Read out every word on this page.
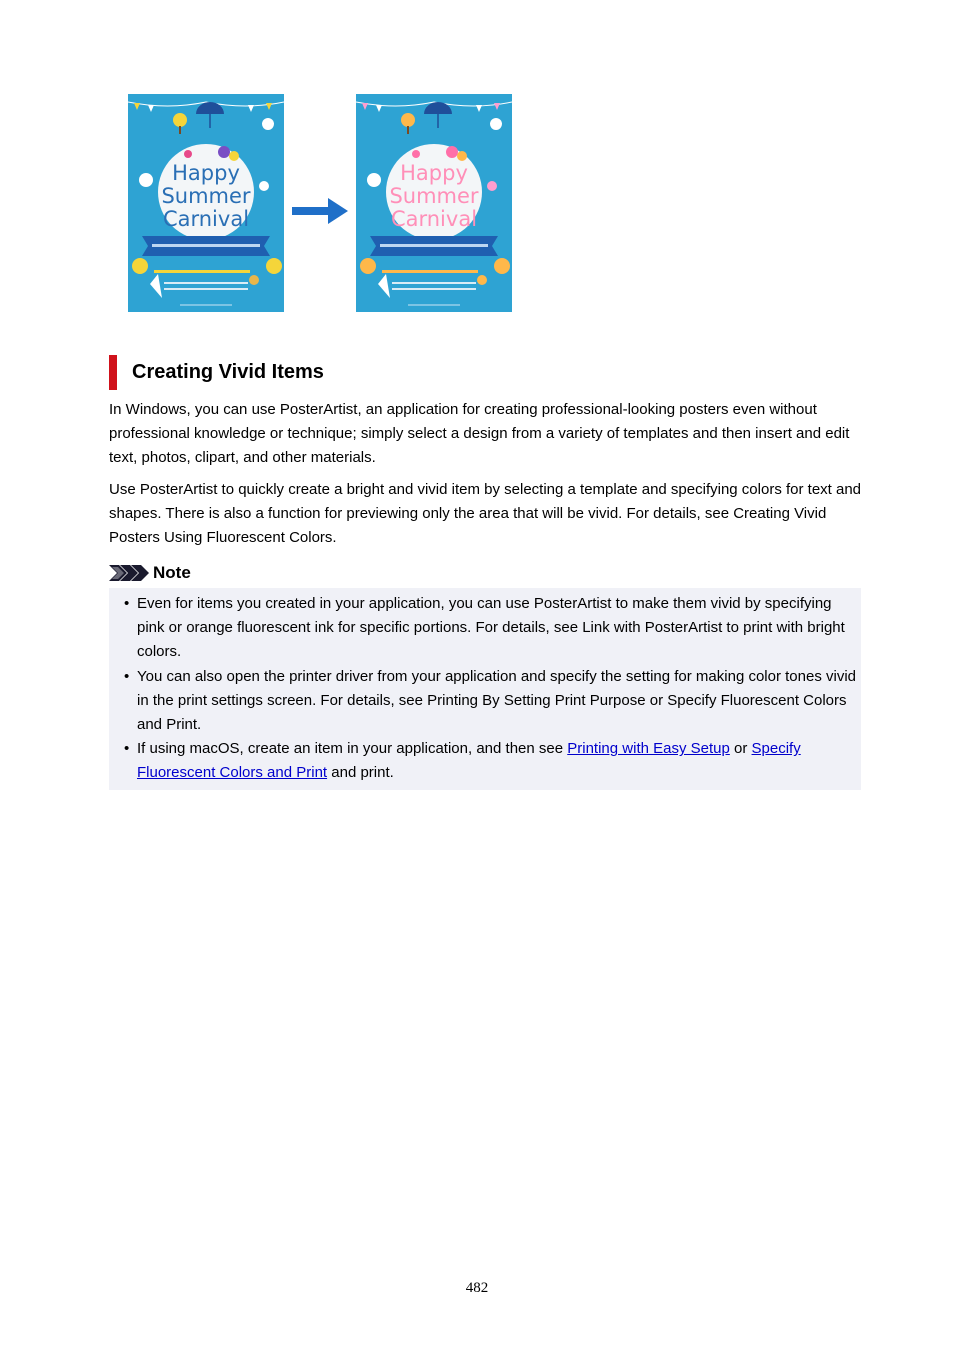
Happy
Summer
Carnival
Happy
Summer
Carnival
Creating Vivid Items

In Windows, you can use PosterArtist, an application for creating professional-looking posters even without professional knowledge or technique; simply select a design from a variety of templates and then insert and edit text, photos, clipart, and other materials.

Use PosterArtist to quickly create a bright and vivid item by selecting a template and specifying colors for text and shapes. There is also a function for previewing only the area that will be vivid. For details, see Creating Vivid Posters Using Fluorescent Colors.

Note
• Even for items you created in your application, you can use PosterArtist to make them vivid by specifying pink or orange fluorescent ink for specific portions. For details, see Link with PosterArtist to print with bright colors.
• You can also open the printer driver from your application and specify the setting for making color tones vivid in the print settings screen. For details, see Printing By Setting Print Purpose or Specify Fluorescent Colors and Print.
• If using macOS, create an item in your application, and then see Printing with Easy Setup or Specify Fluorescent Colors and Print and print.
482
